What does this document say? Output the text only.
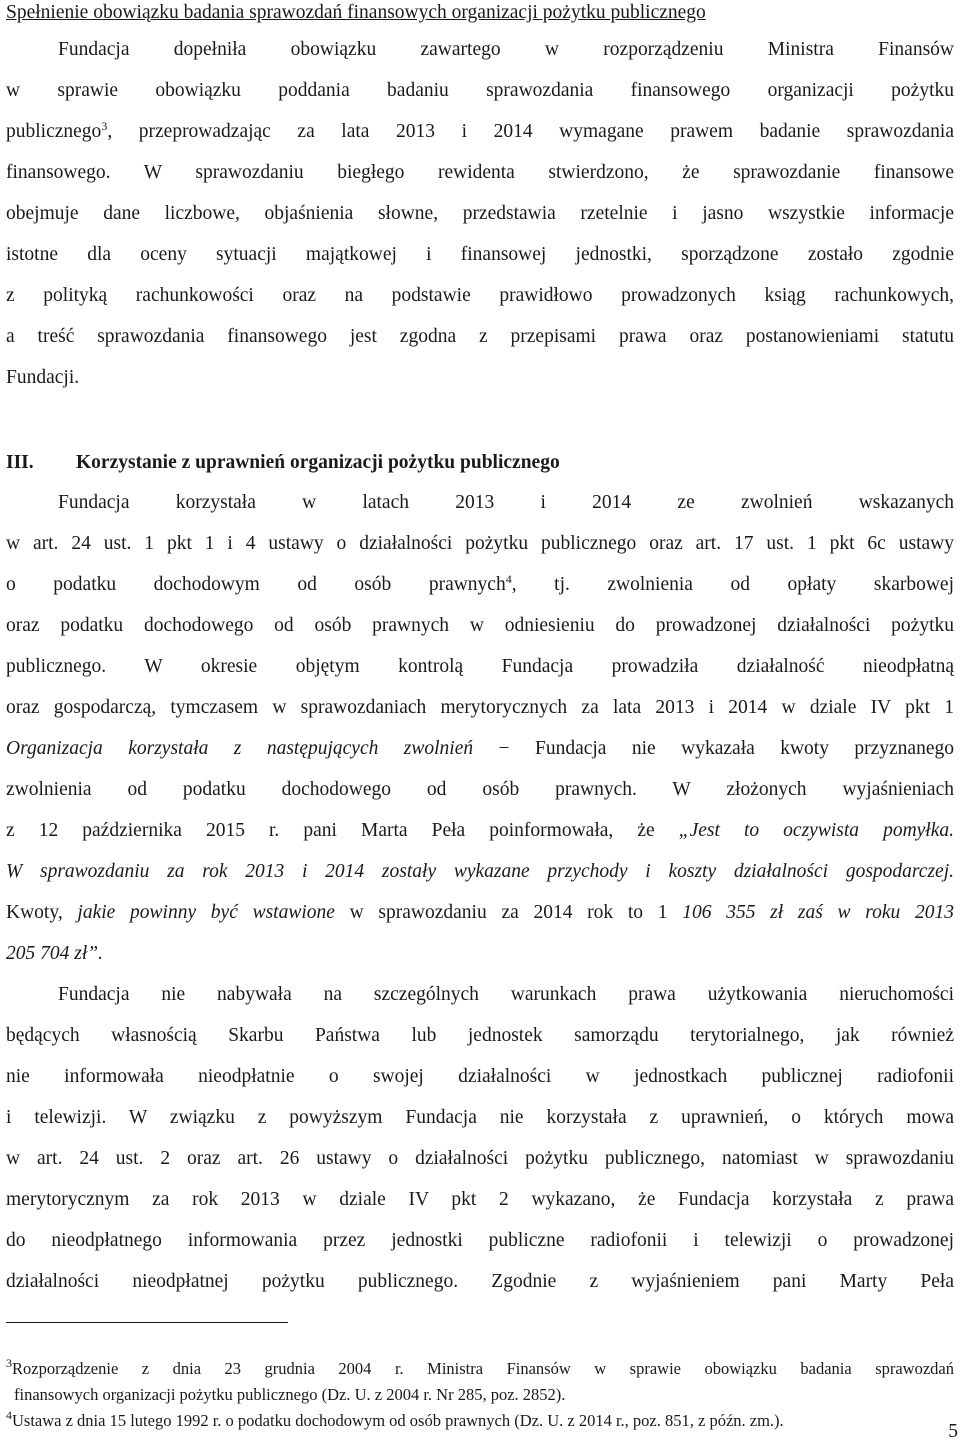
Spełnienie obowiązku badania sprawozdań finansowych organizacji pożytku publicznego
Fundacja dopełniła obowiązku zawartego w rozporządzeniu Ministra Finansów
w sprawie obowiązku poddania badaniu sprawozdania finansowego organizacji pożytku
publicznego$^3$, przeprowadzając za lata 2013 i 2014 wymagane prawem badanie sprawozdania
finansowego. W sprawozdaniu biegłego rewidenta stwierdzono, że sprawozdanie finansowe
obejmuje dane liczbowe, objaśnienia słowne, przedstawia rzetelnie i jasno wszystkie informacje
istotne dla oceny sytuacji majątkowej i finansowej jednostki, sporządzone zostało zgodnie
z polityką rachunkowości oraz na podstawie prawidłowo prowadzonych ksiąg rachunkowych,
a treść sprawozdania finansowego jest zgodna z przepisami prawa oraz postanowieniami statutu
Fundacji.
III. Korzystanie z uprawnień organizacji pożytku publicznego
Fundacja korzystała w latach 2013 i 2014 ze zwolnień wskazanych
w art. 24 ust. 1 pkt 1 i 4 ustawy o działalności pożytku publicznego oraz art. 17 ust. 1 pkt 6c ustawy
o podatku dochodowym od osób prawnych$^4$, tj. zwolnienia od opłaty skarbowej
oraz podatku dochodowego od osób prawnych w odniesieniu do prowadzonej działalności pożytku
publicznego. W okresie objętym kontrolą Fundacja prowadziła działalność nieodpłatną
oraz gospodarczą, tymczasem w sprawozdaniach merytorycznych za lata 2013 i 2014 w dziale IV pkt 1
Organizacja korzystała z następujących zwolnień − Fundacja nie wykazała kwoty przyznanego
zwolnienia od podatku dochodowego od osób prawnych. W złożonych wyjaśnieniach
z 12 października 2015 r. pani Marta Peła poinformowała, że „Jest to oczywista pomyłka.
W sprawozdaniu za rok 2013 i 2014 zostały wykazane przychody i koszty działalności gospodarczej.
Kwoty, jakie powinny być wstawione w sprawozdaniu za 2014 rok to 1 106 355 zł zaś w roku 2013
205 704 zł”.
Fundacja nie nabywała na szczególnych warunkach prawa użytkowania nieruchomości
będących własnością Skarbu Państwa lub jednostek samorządu terytorialnego, jak również
nie informowała nieodpłatnie o swojej działalności w jednostkach publicznej radiofonii
i telewizji. W związku z powyższym Fundacja nie korzystała z uprawnień, o których mowa
w art. 24 ust. 2 oraz art. 26 ustawy o działalności pożytku publicznego, natomiast w sprawozdaniu
merytorycznym za rok 2013 w dziale IV pkt 2 wykazano, że Fundacja korzystała z prawa
do nieodpłatnego informowania przez jednostki publiczne radiofonii i telewizji o prowadzonej
działalności nieodpłatnej pożytku publicznego. Zgodnie z wyjaśnieniem pani Marty Peła
$^3$Rozporządzenie z dnia 23 grudnia 2004 r. Ministra Finansów w sprawie obowiązku badania sprawozdań
finansowych organizacji pożytku publicznego (Dz. U. z 2004 r. Nr 285, poz. 2852).
$^4$Ustawa z dnia 15 lutego 1992 r. o podatku dochodowym od osób prawnych (Dz. U. z 2014 r., poz. 851, z późn. zm.).
5
